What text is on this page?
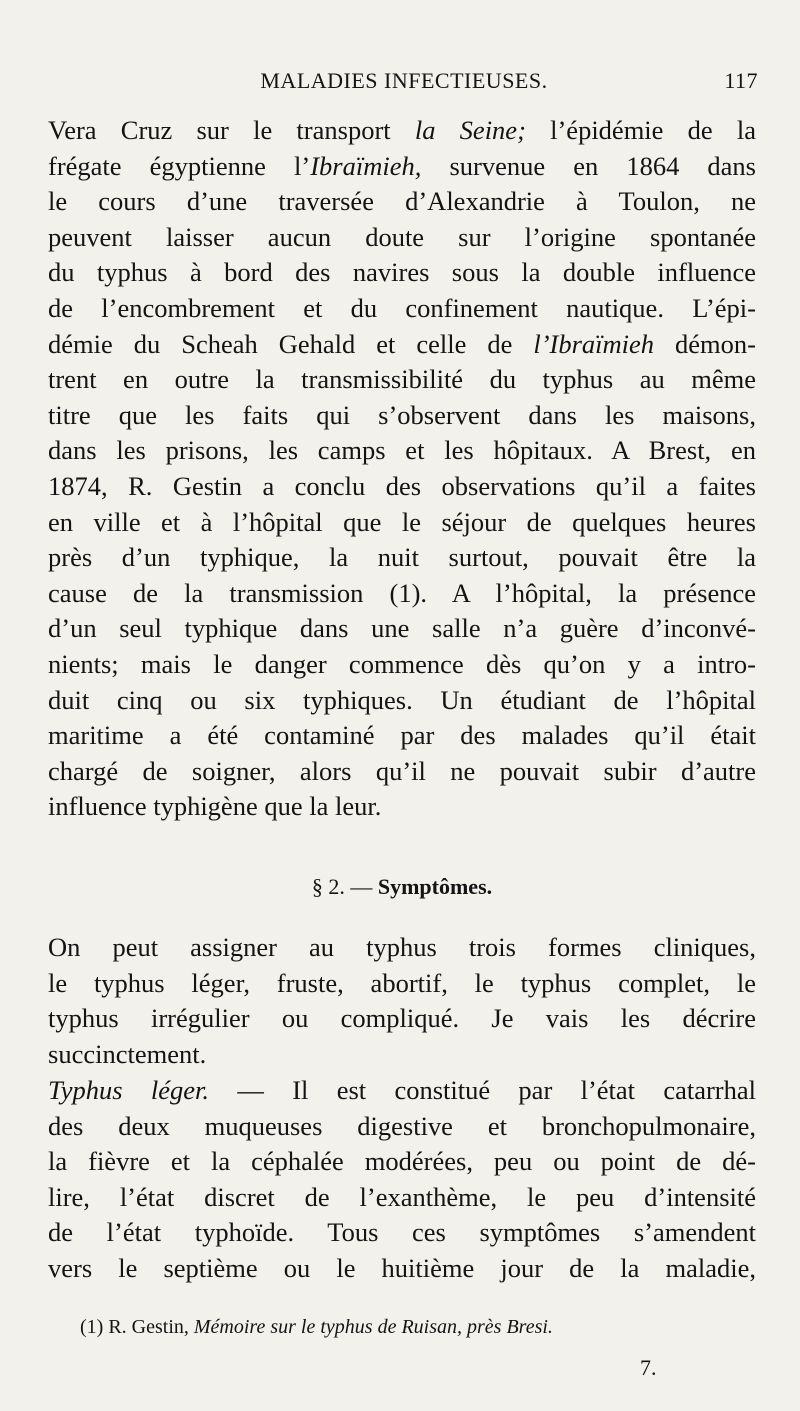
MALADIES INFECTIEUSES.	117
Vera Cruz sur le transport la Seine; l’épidémie de la
frégate égyptienne l’Ibraïmieh, survenue en 1864 dans
le cours d’une traversée d’Alexandrie à Toulon, ne
peuvent laisser aucun doute sur l’origine spontanée
du typhus à bord des navires sous la double influence
de l’encombrement et du confinement nautique. L’épi-
démie du Scheah Gehald et celle de l’Ibraïmieh démon-
trent en outre la transmissibilité du typhus au même
titre que les faits qui s’observent dans les maisons,
dans les prisons, les camps et les hôpitaux. A Brest, en
1874, R. Gestin a conclu des observations qu’il a faites
en ville et à l’hôpital que le séjour de quelques heures
près d’un typhique, la nuit surtout, pouvait être la
cause de la transmission (1). A l’hôpital, la présence
d’un seul typhique dans une salle n’a guère d’inconvé-
nients; mais le danger commence dès qu’on y a intro-
duit cinq ou six typhiques. Un étudiant de l’hôpital
maritime a été contaminé par des malades qu’il était
chargé de soigner, alors qu’il ne pouvait subir d’autre
influence typhigène que la leur.
§ 2. — Symptômes.
On peut assigner au typhus trois formes cliniques,
le typhus léger, fruste, abortif, le typhus complet, le
typhus irrégulier ou compliqué. Je vais les décrire
succinctement.
Typhus léger. — Il est constitué par l’état catarrhal
des deux muqueuses digestive et bronchopulmonaire,
la fièvre et la céphalée modérées, peu ou point de dé-
lire, l’état discret de l’exanthème, le peu d’intensité
de l’état typhoïde. Tous ces symptômes s’amendent
vers le septième ou le huitième jour de la maladie,
(1) R. Gestin, Mémoire sur le typhus de Ruisan, près Bresi.
7.
